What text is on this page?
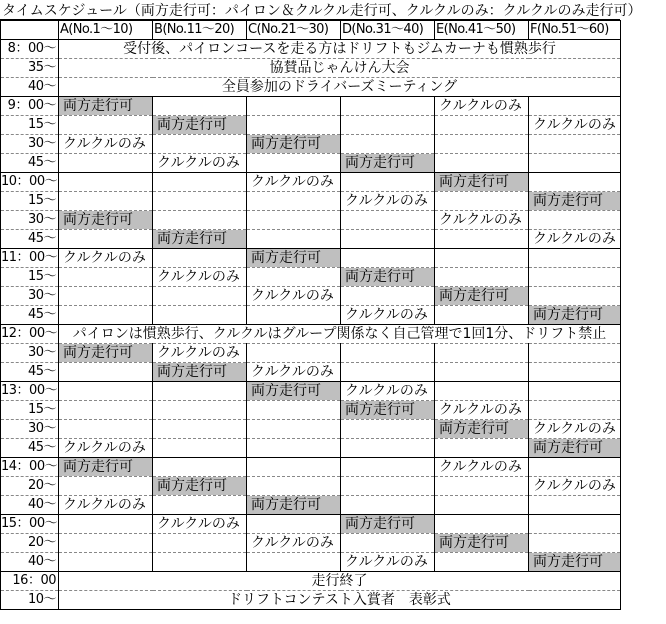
タイムスケジュール（両方走行可：パイロン＆クルクル走行可、クルクルのみ：クルクルのみ走行可）
	A(No.1～10)	B(No.11～20)	C(No.21～30)	D(No.31～40)	E(No.41～50)	F(No.51～60)
8：00～	受付後、パイロンコースを走る方はドリフトもジムカーナも慣熟歩行					
35～	協賛品じゃんけん大会					
40～	全員参加のドライバーズミーティング					
9：00～	両方走行可				クルクルのみ	
15～		両方走行可				クルクルのみ
30～	クルクルのみ		両方走行可			
45～		クルクルのみ		両方走行可		
10：00～			クルクルのみ		両方走行可	
15～				クルクルのみ		両方走行可
30～	両方走行可				クルクルのみ	
45～		両方走行可				クルクルのみ
11：00～	クルクルのみ		両方走行可			
15～		クルクルのみ		両方走行可		
30～			クルクルのみ		両方走行可	
45～				クルクルのみ		両方走行可
12：00～	パイロンは慣熟歩行、クルクルはグループ関係なく自己管理で1回1分、ドリフト禁止					
30～	両方走行可	クルクルのみ				
45～		両方走行可	クルクルのみ			
13：00～			両方走行可	クルクルのみ		
15～				両方走行可	クルクルのみ	
30～					両方走行可	クルクルのみ
45～	クルクルのみ					両方走行可
14：00～	両方走行可				クルクルのみ	
20～		両方走行可				クルクルのみ
40～	クルクルのみ		両方走行可			
15：00～		クルクルのみ		両方走行可		
20～			クルクルのみ		両方走行可	
40～				クルクルのみ		両方走行可
16：00	走行終了					
10～	ドリフトコンテスト入賞者　表彰式					
